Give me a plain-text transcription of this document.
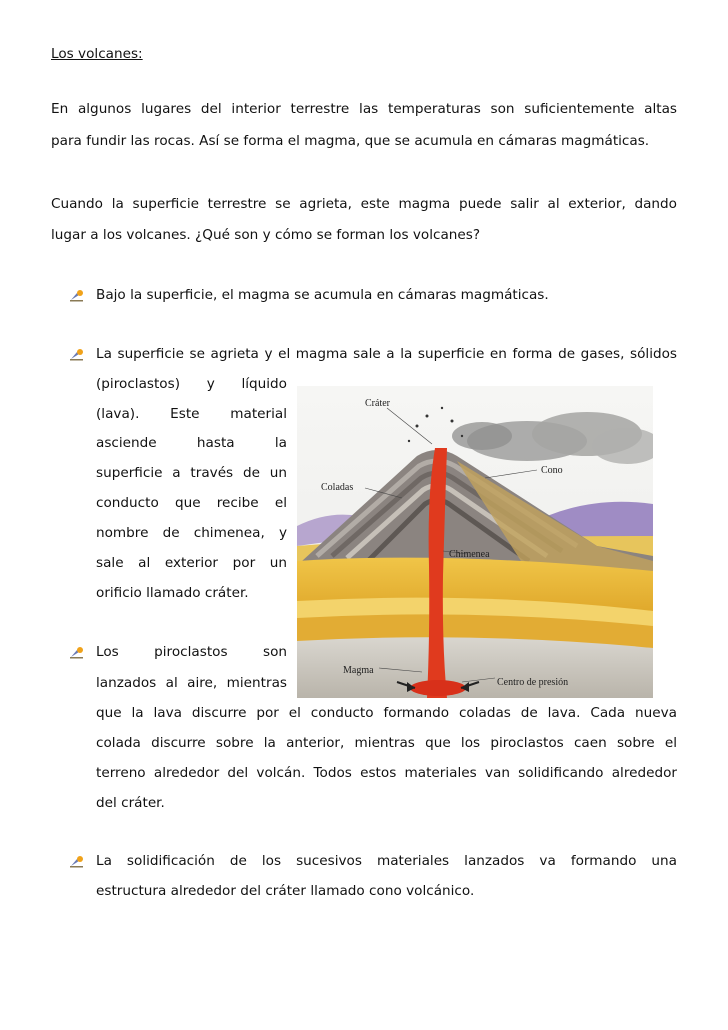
Los volcanes:
En algunos lugares del interior terrestre las temperaturas son suficientemente altas
para fundir las rocas. Así se forma el magma, que se acumula en cámaras magmáticas.
Cuando la superficie terrestre se agrieta, este magma puede salir al exterior, dando
lugar a los volcanes. ¿Qué son y cómo se forman los volcanes?
Bajo la superficie, el magma se acumula en cámaras magmáticas.
La superficie se agrieta y el magma sale a la superficie en forma de gases, sólidos
(piroclastos) y líquido
(lava). Este material
asciende hasta la
superficie a través de un
conducto que recibe el
nombre de chimenea, y
sale al exterior por un
orificio llamado cráter.
Los piroclastos son
lanzados al aire, mientras
que la lava discurre por el conducto formando coladas de lava. Cada nueva
colada discurre sobre la anterior, mientras que los piroclastos caen sobre el
terreno alrededor del volcán. Todos estos materiales van solidificando alrededor
del cráter.
La solidificación de los sucesivos materiales lanzados va formando una
estructura alrededor del cráter llamado cono volcánico.
Cráter
Cono
Coladas
Chimenea
Magma
Centro de presión
